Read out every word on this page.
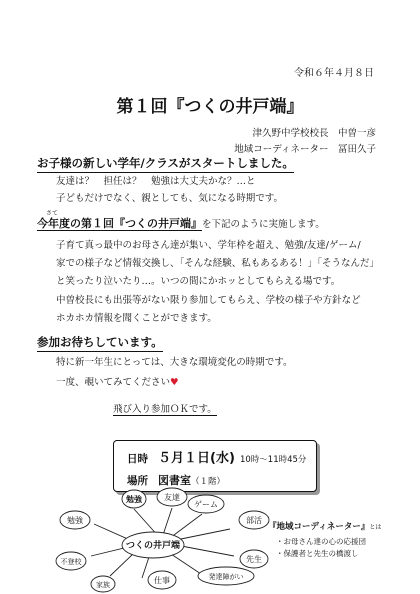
令和６年４月８日
第１回『つくの井戸端』
津久野中学校校長　中曽一彦
地域コーディネーター　冨田久子
お子様の新しい学年/クラスがスタートしました。
友達は？　担任は？　勉強は大丈夫かな？…と
子どもだけでなく、親としても、気になる時期です。
さて
今年度の第１回『つくの井戸端』を下記のように実施します。
子育て真っ最中のお母さん達が集い、学年枠を超え、勉強/友達/ゲーム/
家での様子など情報交換し、「そんな経験、私もあるある！」「そうなんだ」
と笑ったり泣いたり…。いつの間にかホッとしてもらえる場です。
中曽校長にも出張等がない限り参加してもらえ、学校の様子や方針など
ホカホカ情報を聞くことができます。
参加お待ちしています。
特に新一年生にとっては、大きな環境変化の時期です。
一度、覗いてみてください♥
飛び入り参加ＯＫです。
日時 ５月１日(水) 10時～11時45分
場所 図書室（１階）
つくの井戸端
勉強	友達
ゲーム
部活
先生
発達障がい
仕事
家族
不登校
勉強
『地域コーディネーター』とは
・お母さん達の心の応援団
・保護者と先生の橋渡し
